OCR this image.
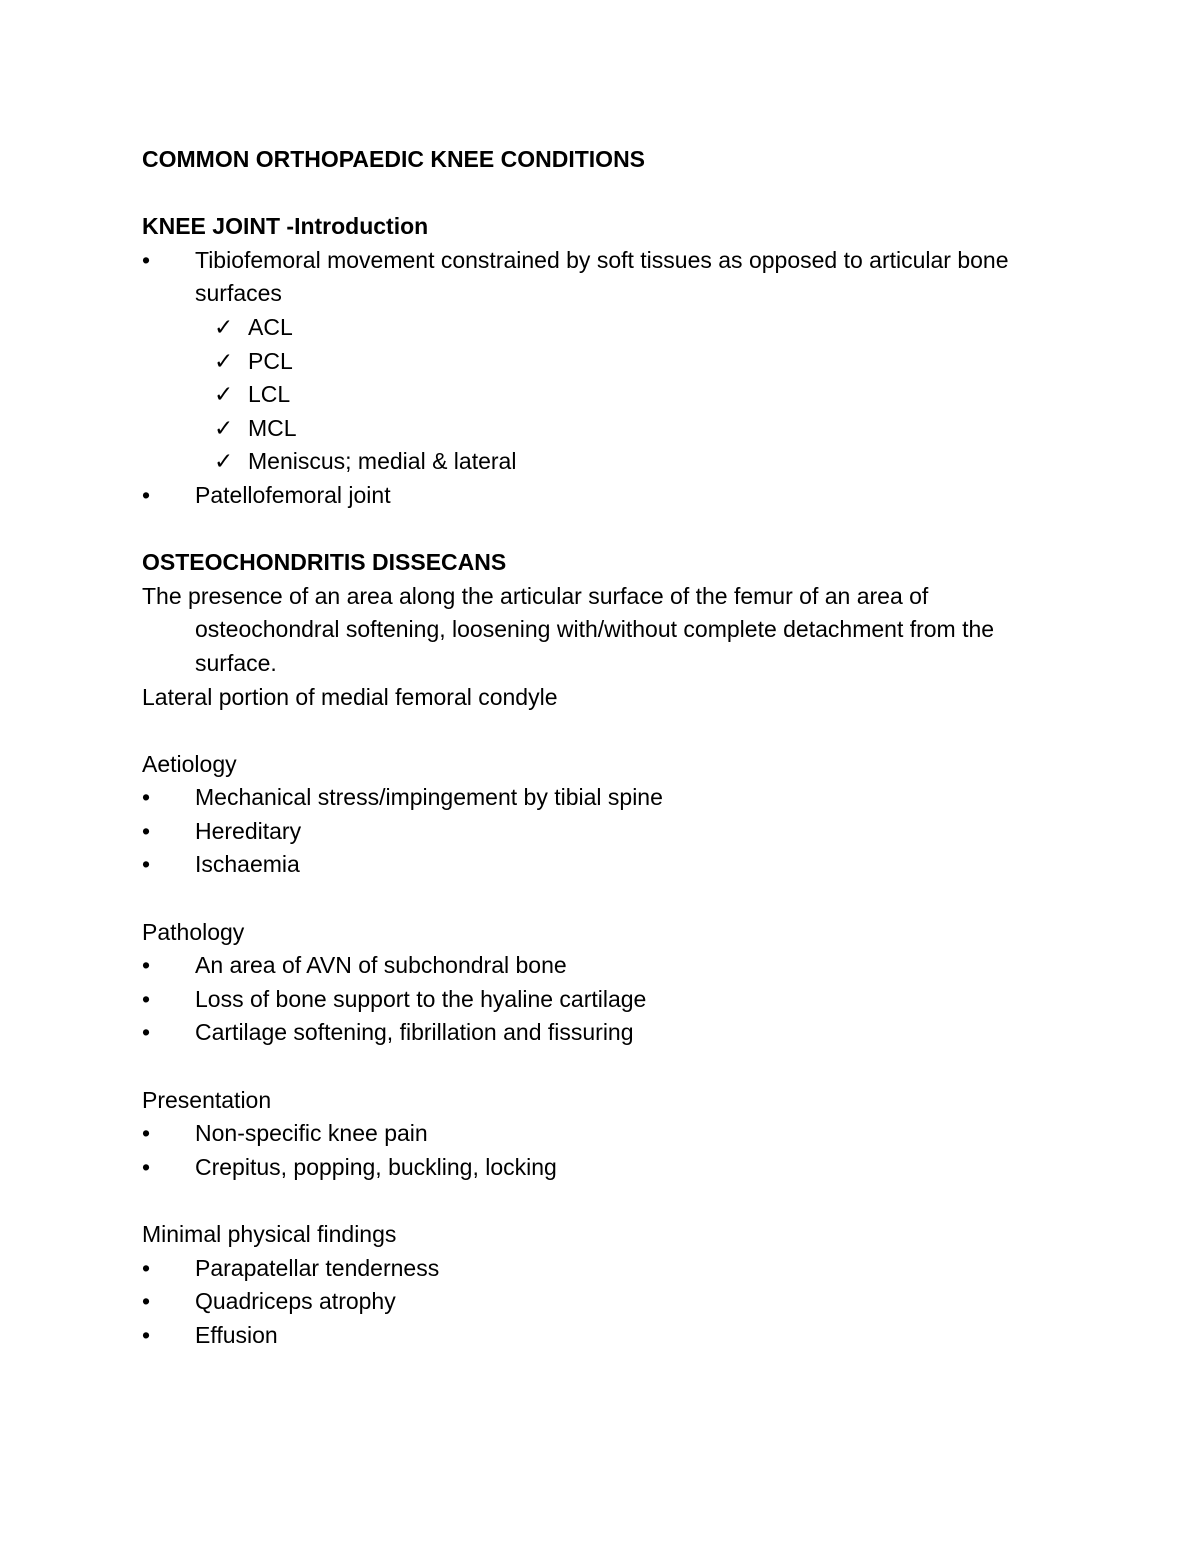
COMMON ORTHOPAEDIC KNEE CONDITIONS

KNEE JOINT -Introduction

•	Tibiofemoral movement constrained by soft tissues as opposed to articular bone surfaces
✓ ACL
✓ PCL
✓ LCL
✓ MCL
✓ Meniscus; medial & lateral
•	Patellofemoral joint

OSTEOCHONDRITIS DISSECANS

The presence of an area along the articular surface of the femur of an area of osteochondral softening, loosening with/without complete detachment from the surface.

Lateral portion of medial femoral condyle

Aetiology

•	Mechanical stress/impingement by tibial spine
•	Hereditary
•	Ischaemia

Pathology

•	An area of AVN of subchondral bone
•	Loss of bone support to the hyaline cartilage
•	Cartilage softening, fibrillation and fissuring

Presentation

•	Non-specific knee pain
•	Crepitus, popping, buckling, locking

Minimal physical findings

•	Parapatellar tenderness
•	Quadriceps atrophy
•	Effusion
